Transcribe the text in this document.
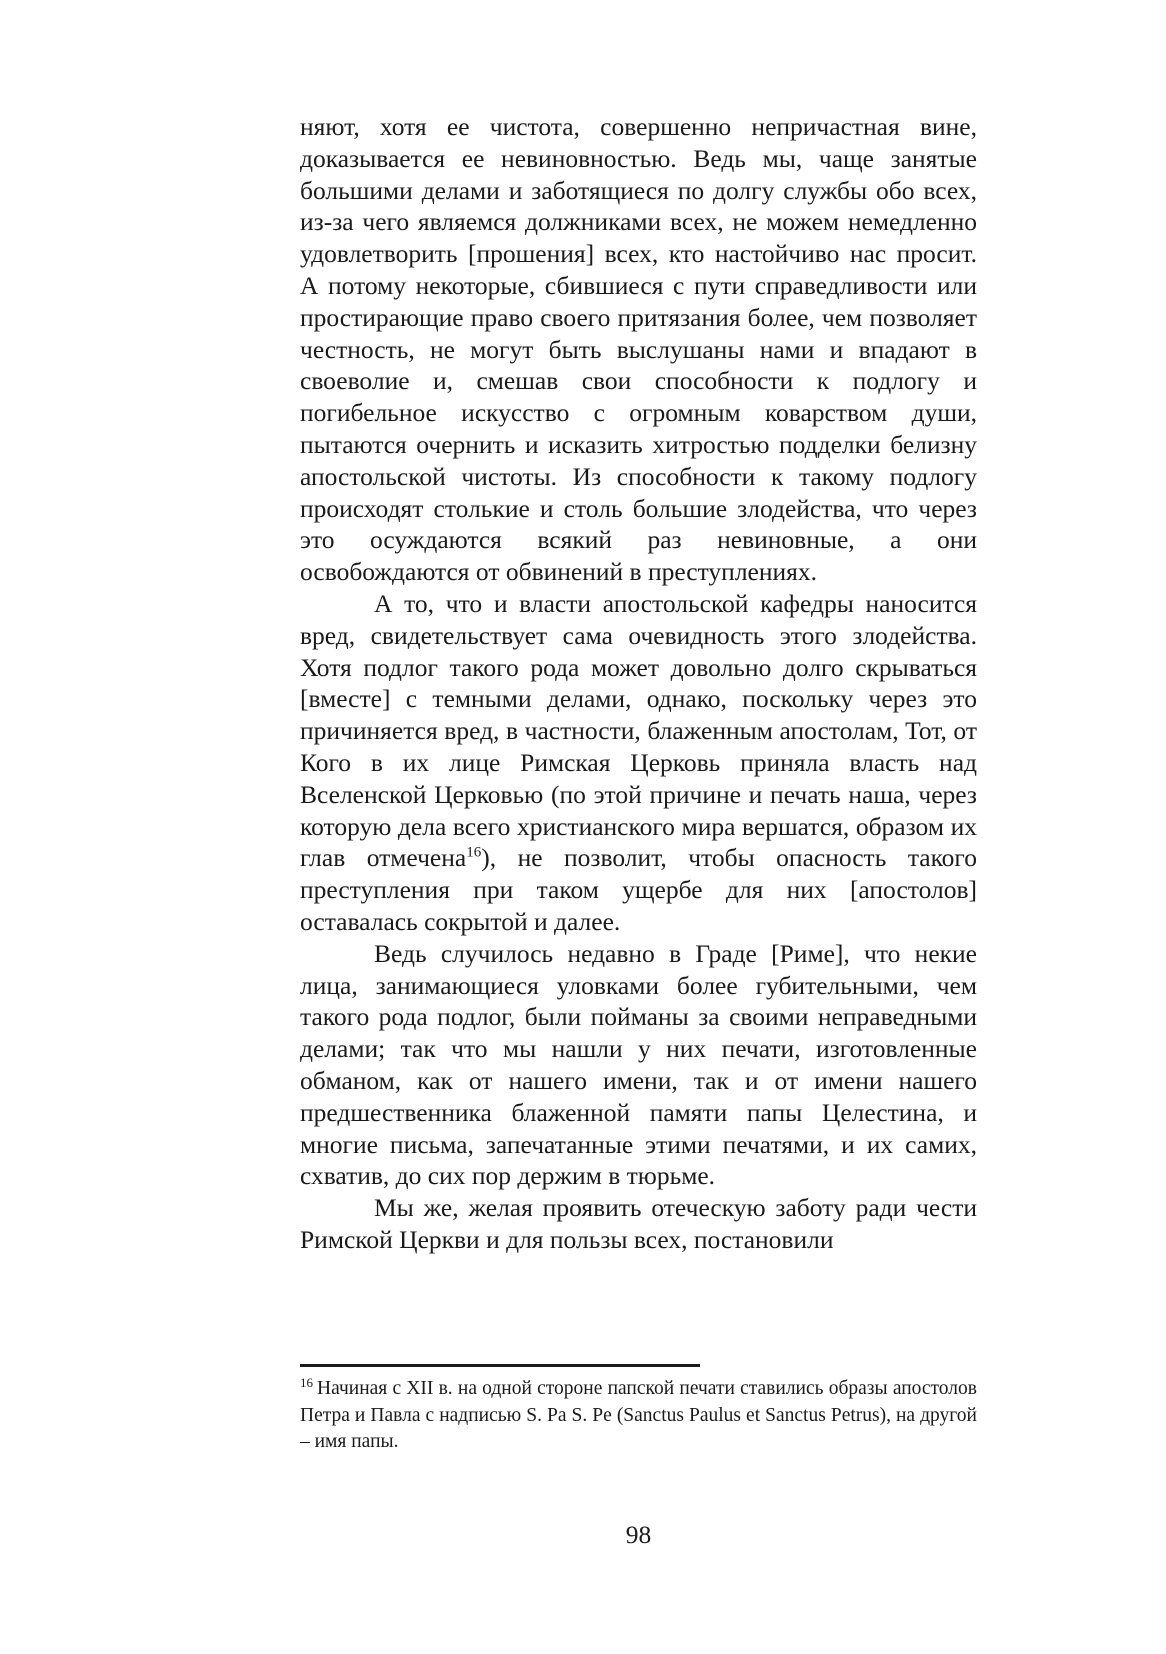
няют, хотя ее чистота, совершенно непричастная вине, доказывается ее невиновностью. Ведь мы, чаще занятые большими делами и заботящиеся по долгу службы обо всех, из-за чего являемся должниками всех, не можем немедленно удовлетворить [прошения] всех, кто настойчиво нас просит. А потому некоторые, сбившиеся с пути справедливости или простирающие право своего притязания более, чем позволяет честность, не могут быть выслушаны нами и впадают в своеволие и, смешав свои способности к подлогу и погибельное искусство с огромным коварством души, пытаются очернить и исказить хитростью подделки белизну апостольской чистоты. Из способности к такому подлогу происходят столькие и столь большие злодейства, что через это осуждаются всякий раз невиновные, а они освобождаются от обвинений в преступлениях.

А то, что и власти апостольской кафедры наносится вред, свидетельствует сама очевидность этого злодейства. Хотя подлог такого рода может довольно долго скрываться [вместе] с темными делами, однако, поскольку через это причиняется вред, в частности, блаженным апостолам, Тот, от Кого в их лице Римская Церковь приняла власть над Вселенской Церковью (по этой причине и печать наша, через которую дела всего христианского мира вершатся, образом их глав отмечена$^{16}$), не позволит, чтобы опасность такого преступления при таком ущербе для них [апостолов] оставалась сокрытой и далее.

Ведь случилось недавно в Граде [Риме], что некие лица, занимающиеся уловками более губительными, чем такого рода подлог, были пойманы за своими неправедными делами; так что мы нашли у них печати, изготовленные обманом, как от нашего имени, так и от имени нашего предшественника блаженной памяти папы Целестина, и многие письма, запечатанные этими печатями, и их самих, схватив, до сих пор держим в тюрьме.

Мы же, желая проявить отеческую заботу ради чести Римской Церкви и для пользы всех, постановили

$^{16}$ Начиная с XII в. на одной стороне папской печати ставились образы апостолов Петра и Павла с надписью S. Pa S. Pe (Sanctus Paulus et Sanctus Petrus), на другой – имя папы.

98
